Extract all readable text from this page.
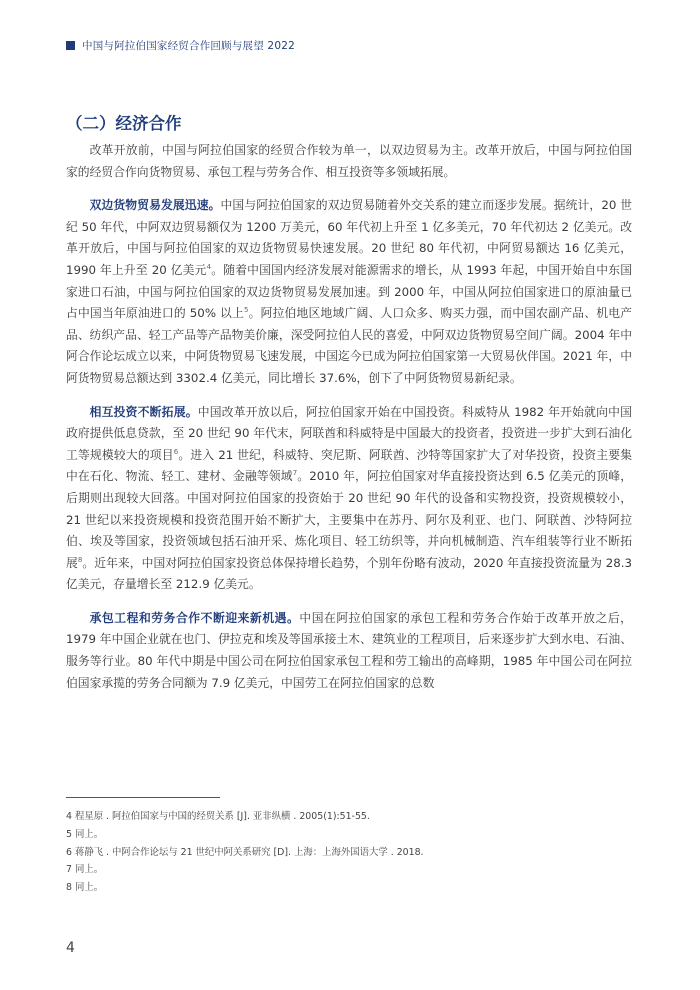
中国与阿拉伯国家经贸合作回顾与展望 2022
（二）经济合作

改革开放前，中国与阿拉伯国家的经贸合作较为单一，以双边贸易为主。改革开放后，中国与阿拉伯国家的经贸合作向货物贸易、承包工程与劳务合作、相互投资等多领域拓展。

双边货物贸易发展迅速。中国与阿拉伯国家的双边贸易随着外交关系的建立而逐步发展。据统计，20 世纪 50 年代，中阿双边贸易额仅为 1200 万美元，60 年代初上升至 1 亿多美元，70 年代初达 2 亿美元。改革开放后，中国与阿拉伯国家的双边货物贸易快速发展。20 世纪 80 年代初，中阿贸易额达 16 亿美元，1990 年上升至 20 亿美元$^4$。随着中国国内经济发展对能源需求的增长，从 1993 年起，中国开始自中东国家进口石油，中国与阿拉伯国家的双边货物贸易发展加速。到 2000 年，中国从阿拉伯国家进口的原油量已占中国当年原油进口的 50% 以上$^5$。阿拉伯地区地域广阔、人口众多、购买力强，而中国农副产品、机电产品、纺织产品、轻工产品等产品物美价廉，深受阿拉伯人民的喜爱，中阿双边货物贸易空间广阔。2004 年中阿合作论坛成立以来，中阿货物贸易飞速发展，中国迄今已成为阿拉伯国家第一大贸易伙伴国。2021 年，中阿货物贸易总额达到 3302.4 亿美元，同比增长 37.6%，创下了中阿货物贸易新纪录。

相互投资不断拓展。中国改革开放以后，阿拉伯国家开始在中国投资。科威特从 1982 年开始就向中国政府提供低息贷款，至 20 世纪 90 年代末，阿联酋和科威特是中国最大的投资者，投资进一步扩大到石油化工等规模较大的项目$^6$。进入 21 世纪，科威特、突尼斯、阿联酋、沙特等国家扩大了对华投资，投资主要集中在石化、物流、轻工、建材、金融等领域$^7$。2010 年，阿拉伯国家对华直接投资达到 6.5 亿美元的顶峰，后期则出现较大回落。中国对阿拉伯国家的投资始于 20 世纪 90 年代的设备和实物投资，投资规模较小，21 世纪以来投资规模和投资范围开始不断扩大，主要集中在苏丹、阿尔及利亚、也门、阿联酋、沙特阿拉伯、埃及等国家，投资领域包括石油开采、炼化项目、轻工纺织等，并向机械制造、汽车组装等行业不断拓展$^8$。近年来，中国对阿拉伯国家投资总体保持增长趋势，个别年份略有波动，2020 年直接投资流量为 28.3 亿美元，存量增长至 212.9 亿美元。

承包工程和劳务合作不断迎来新机遇。中国在阿拉伯国家的承包工程和劳务合作始于改革开放之后，1979 年中国企业就在也门、伊拉克和埃及等国承接土木、建筑业的工程项目，后来逐步扩大到水电、石油、服务等行业。80 年代中期是中国公司在阿拉伯国家承包工程和劳工输出的高峰期，1985 年中国公司在阿拉伯国家承揽的劳务合同额为 7.9 亿美元，中国劳工在阿拉伯国家的总数

4 程星原 . 阿拉伯国家与中国的经贸关系 [J]. 亚非纵横 . 2005(1):51-55.
5 同上。
6 蒋静飞 . 中阿合作论坛与 21 世纪中阿关系研究 [D]. 上海：上海外国语大学 . 2018.
7 同上。
8 同上。
4
